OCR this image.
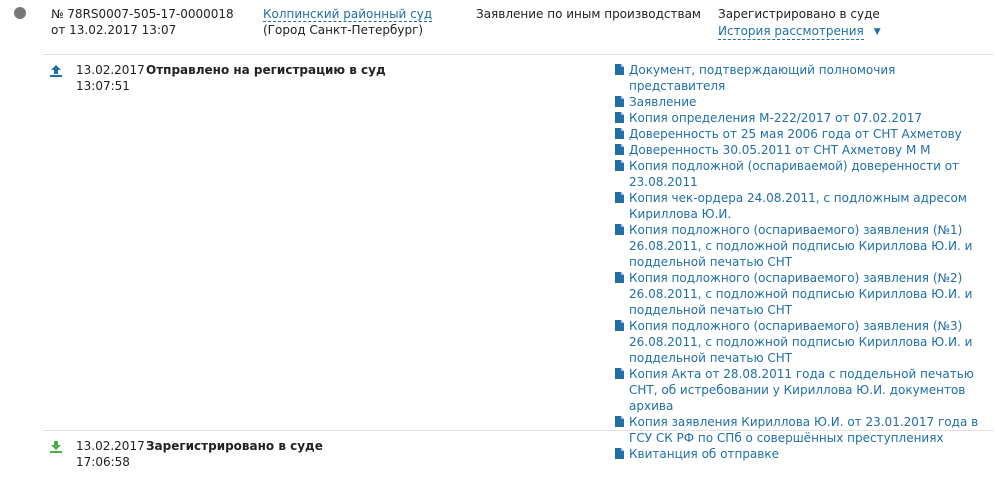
№ 78RS0007-505-17-0000018
от 13.02.2017 13:07
Колпинский районный суд (Город Санкт-Петербург)
Заявление по иным производствам Зарегистрировано в суде
История рассмотрения ▼
13.02.2017
13:07:51
Отправлено на регистрацию в суд	Документ, подтверждающий полномочия представителя
Заявление
Копия определения М-222/2017 от 07.02.2017
Доверенность от 25 мая 2006 года от СНТ Ахметову
Доверенность 30.05.2011 от СНТ Ахметову М М
Копия подложной (оспариваемой) доверенности от 23.08.2011
Копия чек-ордера 24.08.2011, с подложным адресом Кириллова Ю.И.
Копия подложного (оспариваемого) заявления (№1) 26.08.2011, с подложной подписью Кириллова Ю.И. и поддельной печатью СНТ
Копия подложного (оспариваемого) заявления (№2) 26.08.2011, с подложной подписью Кириллова Ю.И. и поддельной печатью СНТ
Копия подложного (оспариваемого) заявления (№3) 26.08.2011, с подложной подписью Кириллова Ю.И. и поддельной печатью СНТ
Копия Акта от 28.08.2011 года с поддельной печатью СНТ, об истребовании у Кириллова Ю.И. документов архива
Копия заявления Кириллова Ю.И. от 23.01.2017 года в ГСУ СК РФ по СПб о совершённых преступлениях
Квитанция об отправке
13.02.2017
17:06:58
Зарегистрировано в суде
